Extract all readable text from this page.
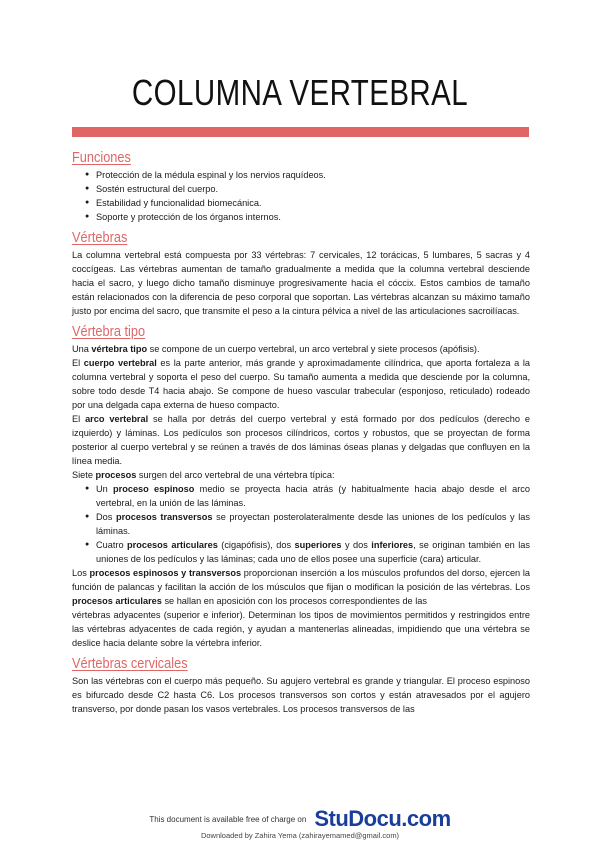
COLUMNA VERTEBRAL
Funciones
● Protección de la médula espinal y los nervios raquídeos.
● Sostén estructural del cuerpo.
● Estabilidad y funcionalidad biomecánica.
● Soporte y protección de los órganos internos.
Vértebras

La columna vertebral está compuesta por 33 vértebras: 7 cervicales, 12 torácicas, 5 lumbares, 5 sacras y 4 coccígeas. Las vértebras aumentan de tamaño gradualmente a medida que la columna vertebral desciende hacia el sacro, y luego dicho tamaño disminuye progresivamente hacia el cóccix. Estos cambios de tamaño están relacionados con la diferencia de peso corporal que soportan. Las vértebras alcanzan su máximo tamaño justo por encima del sacro, que transmite el peso a la cintura pélvica a nivel de las articulaciones sacroilíacas.

Vértebra tipo

Una vértebra tipo se compone de un cuerpo vertebral, un arco vertebral y siete procesos (apófisis).

El cuerpo vertebral es la parte anterior, más grande y aproximadamente cilíndrica, que aporta fortaleza a la columna vertebral y soporta el peso del cuerpo. Su tamaño aumenta a medida que desciende por la columna, sobre todo desde T4 hacia abajo. Se compone de hueso vascular trabecular (esponjoso, reticulado) rodeado por una delgada capa externa de hueso compacto.

El arco vertebral se halla por detrás del cuerpo vertebral y está formado por dos pedículos (derecho e izquierdo) y láminas. Los pedículos son procesos cilíndricos, cortos y robustos, que se proyectan de forma posterior al cuerpo vertebral y se reúnen a través de dos láminas óseas planas y delgadas que confluyen en la línea media.

Siete procesos surgen del arco vertebral de una vértebra típica:

● Un proceso espinoso medio se proyecta hacia atrás (y habitualmente hacia abajo desde el arco vertebral, en la unión de las láminas.
● Dos procesos transversos se proyectan posterolateralmente desde las uniones de los pedículos y las láminas.
● Cuatro procesos articulares (cigapófisis), dos superiores y dos inferiores, se originan también en las uniones de los pedículos y las láminas; cada uno de ellos posee una superficie (cara) articular.

Los procesos espinosos y transversos proporcionan inserción a los músculos profundos del dorso, ejercen la función de palancas y facilitan la acción de los músculos que fijan o modifican la posición de las vértebras. Los procesos articulares se hallan en aposición con los procesos correspondientes de las

vértebras adyacentes (superior e inferior). Determinan los tipos de movimientos permitidos y restringidos entre las vértebras adyacentes de cada región, y ayudan a mantenerlas alineadas, impidiendo que una vértebra se deslice hacia delante sobre la vértebra inferior.

Vértebras cervicales

Son las vértebras con el cuerpo más pequeño. Su agujero vertebral es grande y triangular. El proceso espinoso es bifurcado desde C2 hasta C6. Los procesos transversos son cortos y están atravesados por el agujero transverso, por donde pasan los vasos vertebrales. Los procesos transversos de las

This document is available free of charge on StuDocu.com
Downloaded by Zahira Yema (zahirayemamed@gmail.com)
